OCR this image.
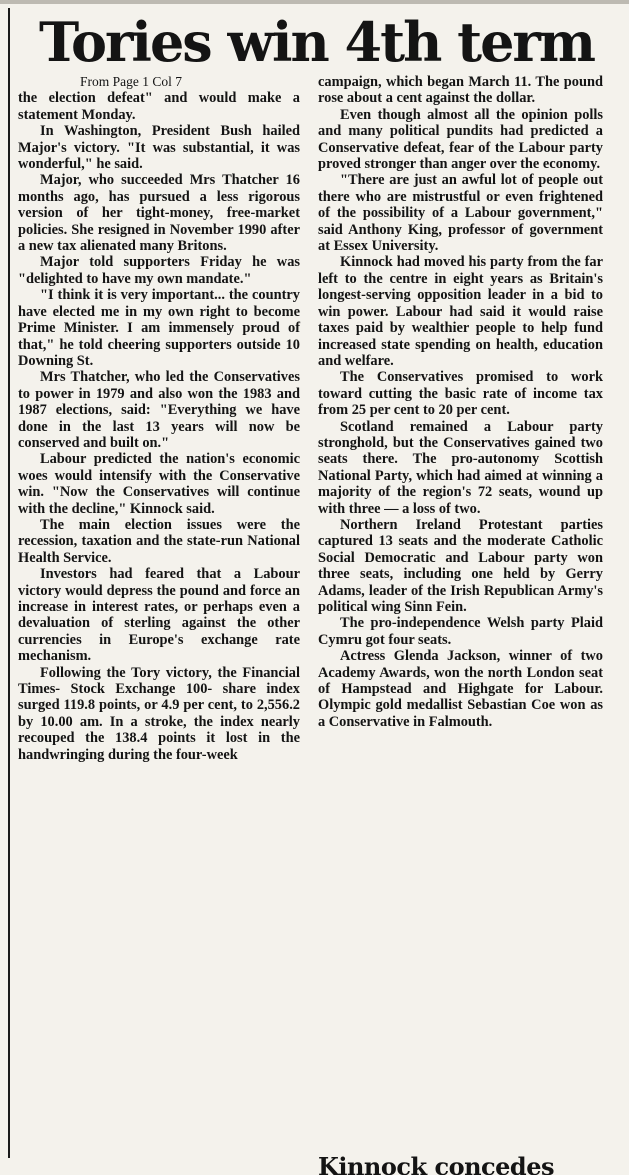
Tories win 4th term
From Page 1 Col 7

the election defeat" and would make a statement Monday.

In Washington, President Bush hailed Major's victory. "It was substantial, it was wonderful," he said.

Major, who succeeded Mrs Thatcher 16 months ago, has pursued a less rigorous version of her tight-money, free-market policies. She resigned in November 1990 after a new tax alienated many Britons.

Major told supporters Friday he was "delighted to have my own mandate."

"I think it is very important... the country have elected me in my own right to become Prime Minister. I am immensely proud of that," he told cheering supporters outside 10 Downing St.

Mrs Thatcher, who led the Conservatives to power in 1979 and also won the 1983 and 1987 elections, said: "Everything we have done in the last 13 years will now be conserved and built on."

Labour predicted the nation's economic woes would intensify with the Conservative win. "Now the Conservatives will continue with the decline," Kinnock said.

The main election issues were the recession, taxation and the state-run National Health Service.

Investors had feared that a Labour victory would depress the pound and force an increase in interest rates, or perhaps even a devaluation of sterling against the other currencies in Europe's exchange rate mechanism.

Following the Tory victory, the Financial Times- Stock Exchange 100- share index surged 119.8 points, or 4.9 per cent, to 2,556.2 by 10.00 am. In a stroke, the index nearly recouped the 138.4 points it lost in the handwringing during the four-week

campaign, which began March 11. The pound rose about a cent against the dollar.

Even though almost all the opinion polls and many political pundits had predicted a Conservative defeat, fear of the Labour party proved stronger than anger over the economy.

"There are just an awful lot of people out there who are mistrustful or even frightened of the possibility of a Labour government," said Anthony King, professor of government at Essex University.

Kinnock had moved his party from the far left to the centre in eight years as Britain's longest-serving opposition leader in a bid to win power. Labour had said it would raise taxes paid by wealthier people to help fund increased state spending on health, education and welfare.

The Conservatives promised to work toward cutting the basic rate of income tax from 25 per cent to 20 per cent.

Scotland remained a Labour party stronghold, but the Conservatives gained two seats there. The pro-autonomy Scottish National Party, which had aimed at winning a majority of the region's 72 seats, wound up with three — a loss of two.

Northern Ireland Protestant parties captured 13 seats and the moderate Catholic Social Democratic and Labour party won three seats, including one held by Gerry Adams, leader of the Irish Republican Army's political wing Sinn Fein.

The pro-independence Welsh party Plaid Cymru got four seats.

Actress Glenda Jackson, winner of two Academy Awards, won the north London seat of Hampstead and Highgate for Labour. Olympic gold medallist Sebastian Coe won as a Conservative in Falmouth.

Kinnock concedes
